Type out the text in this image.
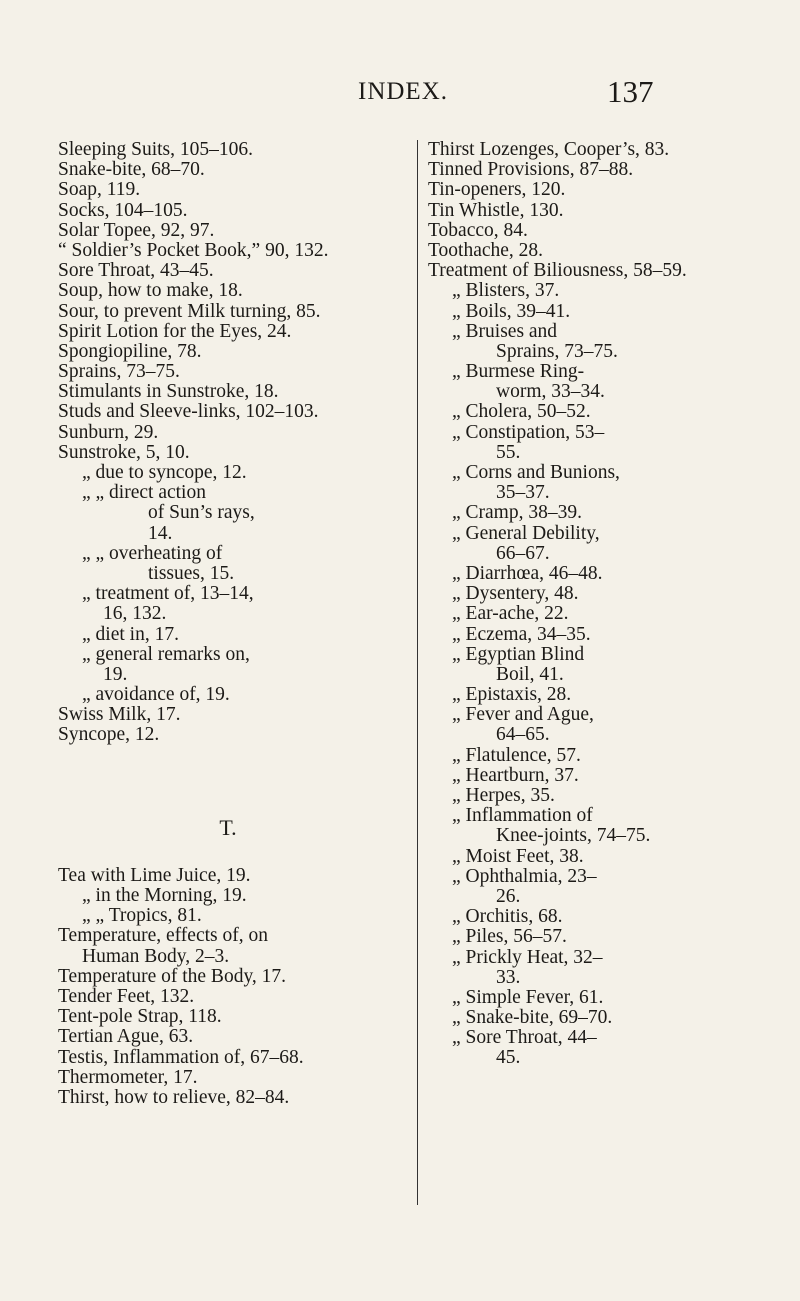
INDEX.	137
Sleeping Suits, 105–106.
Snake-bite, 68–70.
Soap, 119.
Socks, 104–105.
Solar Topee, 92, 97.
“ Soldier’s Pocket Book,” 90, 132.
Sore Throat, 43–45.
Soup, how to make, 18.
Sour, to prevent Milk turning, 85.
Spirit Lotion for the Eyes, 24.
Spongiopiline, 78.
Sprains, 73–75.
Stimulants in Sunstroke, 18.
Studs and Sleeve-links, 102–103.
Sunburn, 29.
Sunstroke, 5, 10.
„ due to syncope, 12.
„ „ direct action
of Sun’s rays,
14.
„ „ overheating of
tissues, 15.
„ treatment of, 13–14,
16, 132.
„ diet in, 17.
„ general remarks on,
19.
„ avoidance of, 19.
Swiss Milk, 17.
Syncope, 12.
T.
Tea with Lime Juice, 19.
„ in the Morning, 19.
„ „ Tropics, 81.
Temperature, effects of, on
Human Body, 2–3.
Temperature of the Body, 17.
Tender Feet, 132.
Tent-pole Strap, 118.
Tertian Ague, 63.
Testis, Inflammation of, 67–68.
Thermometer, 17.
Thirst, how to relieve, 82–84.
Thirst Lozenges, Cooper’s, 83.
Tinned Provisions, 87–88.
Tin-openers, 120.
Tin Whistle, 130.
Tobacco, 84.
Toothache, 28.
Treatment of Biliousness, 58–59.
„ Blisters, 37.
„ Boils, 39–41.
„ Bruises and
Sprains, 73–75.
„ Burmese Ring-
worm, 33–34.
„ Cholera, 50–52.
„ Constipation, 53–
55.
„ Corns and Bunions,
35–37.
„ Cramp, 38–39.
„ General Debility,
66–67.
„ Diarrhœa, 46–48.
„ Dysentery, 48.
„ Ear-ache, 22.
„ Eczema, 34–35.
„ Egyptian Blind
Boil, 41.
„ Epistaxis, 28.
„ Fever and Ague,
64–65.
„ Flatulence, 57.
„ Heartburn, 37.
„ Herpes, 35.
„ Inflammation of
Knee-joints, 74–75.
„ Moist Feet, 38.
„ Ophthalmia, 23–
26.
„ Orchitis, 68.
„ Piles, 56–57.
„ Prickly Heat, 32–
33.
„ Simple Fever, 61.
„ Snake-bite, 69–70.
„ Sore Throat, 44–
45.
